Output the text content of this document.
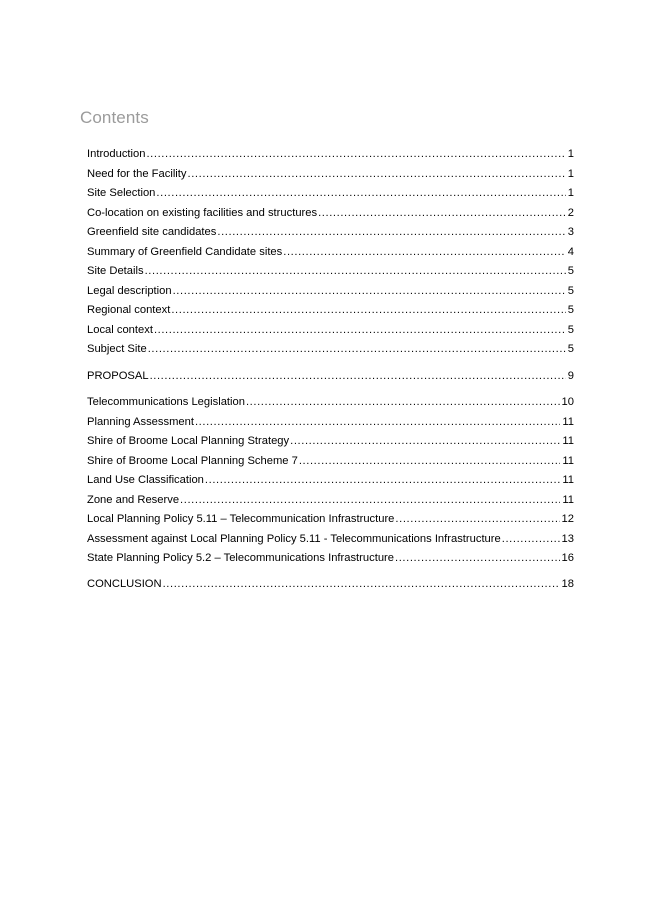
Contents
Introduction .....	1
Need for the Facility .....	1
Site Selection .....	1
Co-location on existing facilities and structures .....	2
Greenfield site candidates .....	3
Summary of Greenfield Candidate sites .....	4
Site Details .....	5
Legal description .....	5
Regional context .....	5
Local context .....	5
Subject Site .....	5
PROPOSAL .....	9
Telecommunications Legislation .....	10
Planning Assessment .....	11
Shire of Broome Local Planning Strategy .....	11
Shire of Broome Local Planning Scheme 7 .....	11
Land Use Classification .....	11
Zone and Reserve .....	11
Local Planning Policy 5.11 – Telecommunication Infrastructure .....	12
Assessment against Local Planning Policy 5.11 - Telecommunications Infrastructure .....	13
State Planning Policy 5.2 – Telecommunications Infrastructure .....	16
CONCLUSION .....	18
